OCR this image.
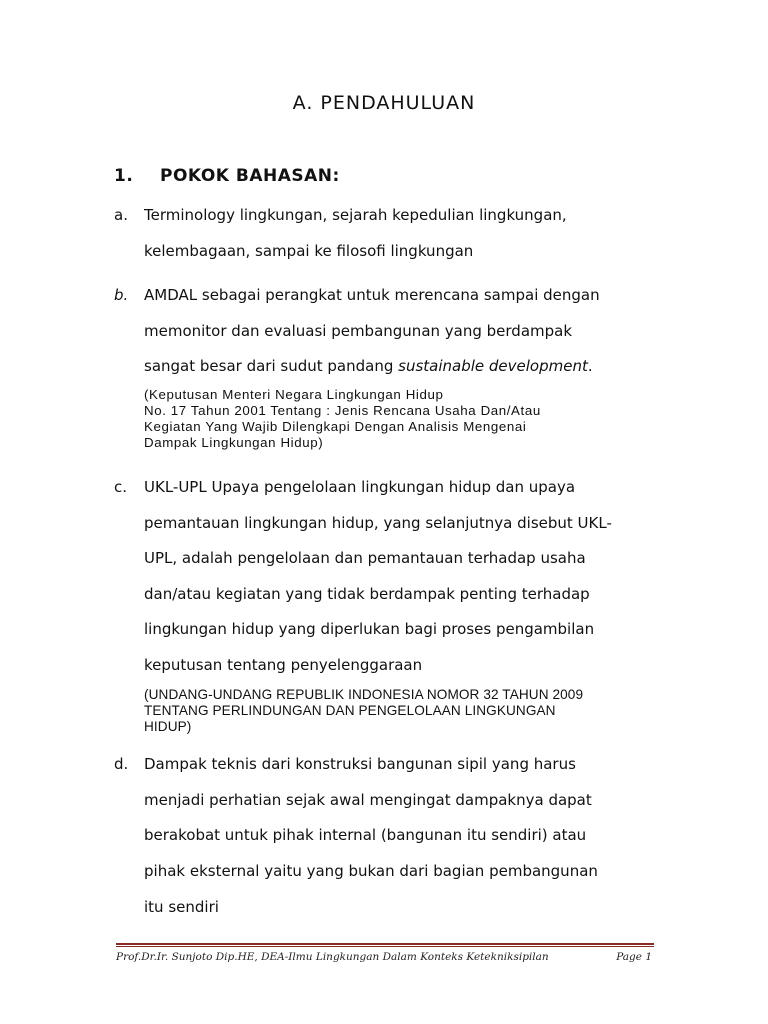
A. PENDAHULUAN
1. POKOK BAHASAN:
a. Terminology lingkungan, sejarah kepedulian lingkungan,
kelembagaan, sampai ke filosofi lingkungan
b. AMDAL sebagai perangkat untuk merencana sampai dengan
memonitor dan evaluasi pembangunan yang berdampak
sangat besar dari sudut pandang sustainable development.
(Keputusan Menteri Negara Lingkungan Hidup
No. 17 Tahun 2001 Tentang : Jenis Rencana Usaha Dan/Atau
Kegiatan Yang Wajib Dilengkapi Dengan Analisis Mengenai
Dampak Lingkungan Hidup)
c. UKL-UPL Upaya pengelolaan lingkungan hidup dan upaya
pemantauan lingkungan hidup, yang selanjutnya disebut UKL-
UPL, adalah pengelolaan dan pemantauan terhadap usaha
dan/atau kegiatan yang tidak berdampak penting terhadap
lingkungan hidup yang diperlukan bagi proses pengambilan
keputusan tentang penyelenggaraan
(UNDANG-UNDANG REPUBLIK INDONESIA NOMOR 32 TAHUN 2009
TENTANG PERLINDUNGAN DAN PENGELOLAAN LINGKUNGAN
HIDUP)
d. Dampak teknis dari konstruksi bangunan sipil yang harus
menjadi perhatian sejak awal mengingat dampaknya dapat
berakobat untuk pihak internal (bangunan itu sendiri) atau
pihak eksternal yaitu yang bukan dari bagian pembangunan
itu sendiri
Prof.Dr.Ir. Sunjoto Dip.HE, DEA-Ilmu Lingkungan Dalam Konteks Ketekniksipilan	Page 1
